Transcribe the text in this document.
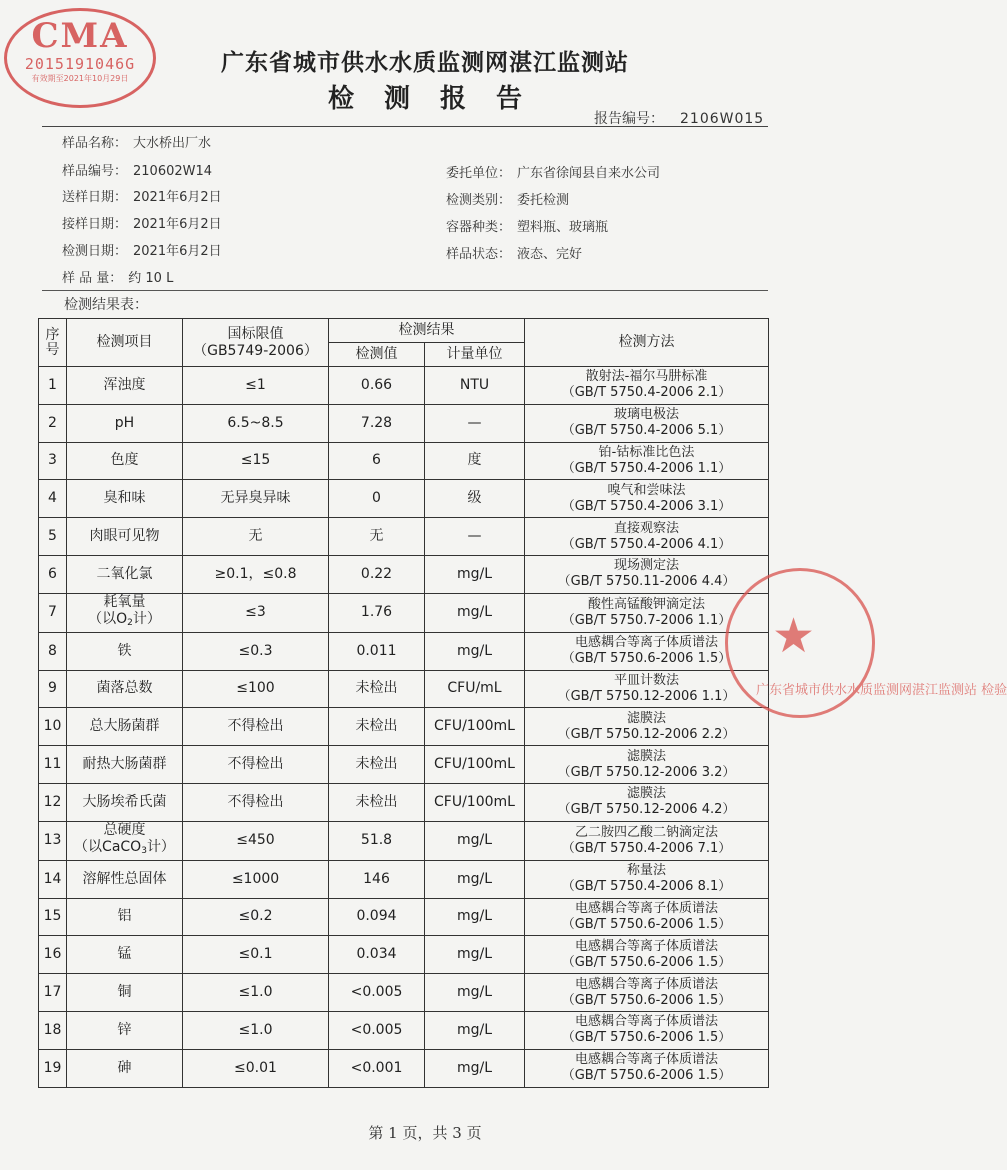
CMA
2015191046G
有效期至2021年10月29日
广东省城市供水水质监测网湛江监测站
检测报告
报告编号： 2106W015
样品名称： 大水桥出厂水
样品编号： 210602W14
送样日期： 2021年6月2日
接样日期： 2021年6月2日
检测日期： 2021年6月2日
样 品 量： 约 10 L
委托单位： 广东省徐闻县自来水公司
检测类别： 委托检测
容器种类： 塑料瓶、玻璃瓶
样品状态： 液态、完好
检测结果表：
序号	检测项目	国标限值
（GB5749-2006）	检测结果		检测方法
			检测值	计量单位	
1	浑浊度	≤1	0.66	NTU	散射法-福尔马肼标准
（GB/T 5750.4-2006 2.1）

2	pH	6.5~8.5	7.28	—	玻璃电极法
（GB/T 5750.4-2006 5.1）

3	色度	≤15	6	度	铂-钴标准比色法
（GB/T 5750.4-2006 1.1）

4	臭和味	无异臭异味	0	级	嗅气和尝味法
（GB/T 5750.4-2006 3.1）

5	肉眼可见物	无	无	—	直接观察法
（GB/T 5750.4-2006 4.1）

6	二氧化氯	≥0.1，≤0.8	0.22	mg/L	现场测定法
（GB/T 5750.11-2006 4.4）

7	耗氧量
（以O2计）	≤3	1.76	mg/L	酸性高锰酸钾滴定法
（GB/T 5750.7-2006 1.1）

8	铁	≤0.3	0.011	mg/L	电感耦合等离子体质谱法
（GB/T 5750.6-2006 1.5）

9	菌落总数	≤100	未检出	CFU/mL	平皿计数法
（GB/T 5750.12-2006 1.1）

10	总大肠菌群	不得检出	未检出	CFU/100mL	滤膜法
（GB/T 5750.12-2006 2.2）

11	耐热大肠菌群	不得检出	未检出	CFU/100mL	滤膜法
（GB/T 5750.12-2006 3.2）

12	大肠埃希氏菌	不得检出	未检出	CFU/100mL	滤膜法
（GB/T 5750.12-2006 4.2）

13	总硬度
（以CaCO3计）	≤450	51.8	mg/L	乙二胺四乙酸二钠滴定法
（GB/T 5750.4-2006 7.1）

14	溶解性总固体	≤1000	146	mg/L	称量法
（GB/T 5750.4-2006 8.1）

15	铝	≤0.2	0.094	mg/L	电感耦合等离子体质谱法
（GB/T 5750.6-2006 1.5）

16	锰	≤0.1	0.034	mg/L	电感耦合等离子体质谱法
（GB/T 5750.6-2006 1.5）

17	铜	≤1.0	<0.005	mg/L	电感耦合等离子体质谱法
（GB/T 5750.6-2006 1.5）

18	锌	≤1.0	<0.005	mg/L	电感耦合等离子体质谱法
（GB/T 5750.6-2006 1.5）

19	砷	≤0.01	<0.001	mg/L	电感耦合等离子体质谱法
（GB/T 5750.6-2006 1.5）
★
广东省城市供水水质监测网湛江监测站 检验
第 1 页，共 3 页
